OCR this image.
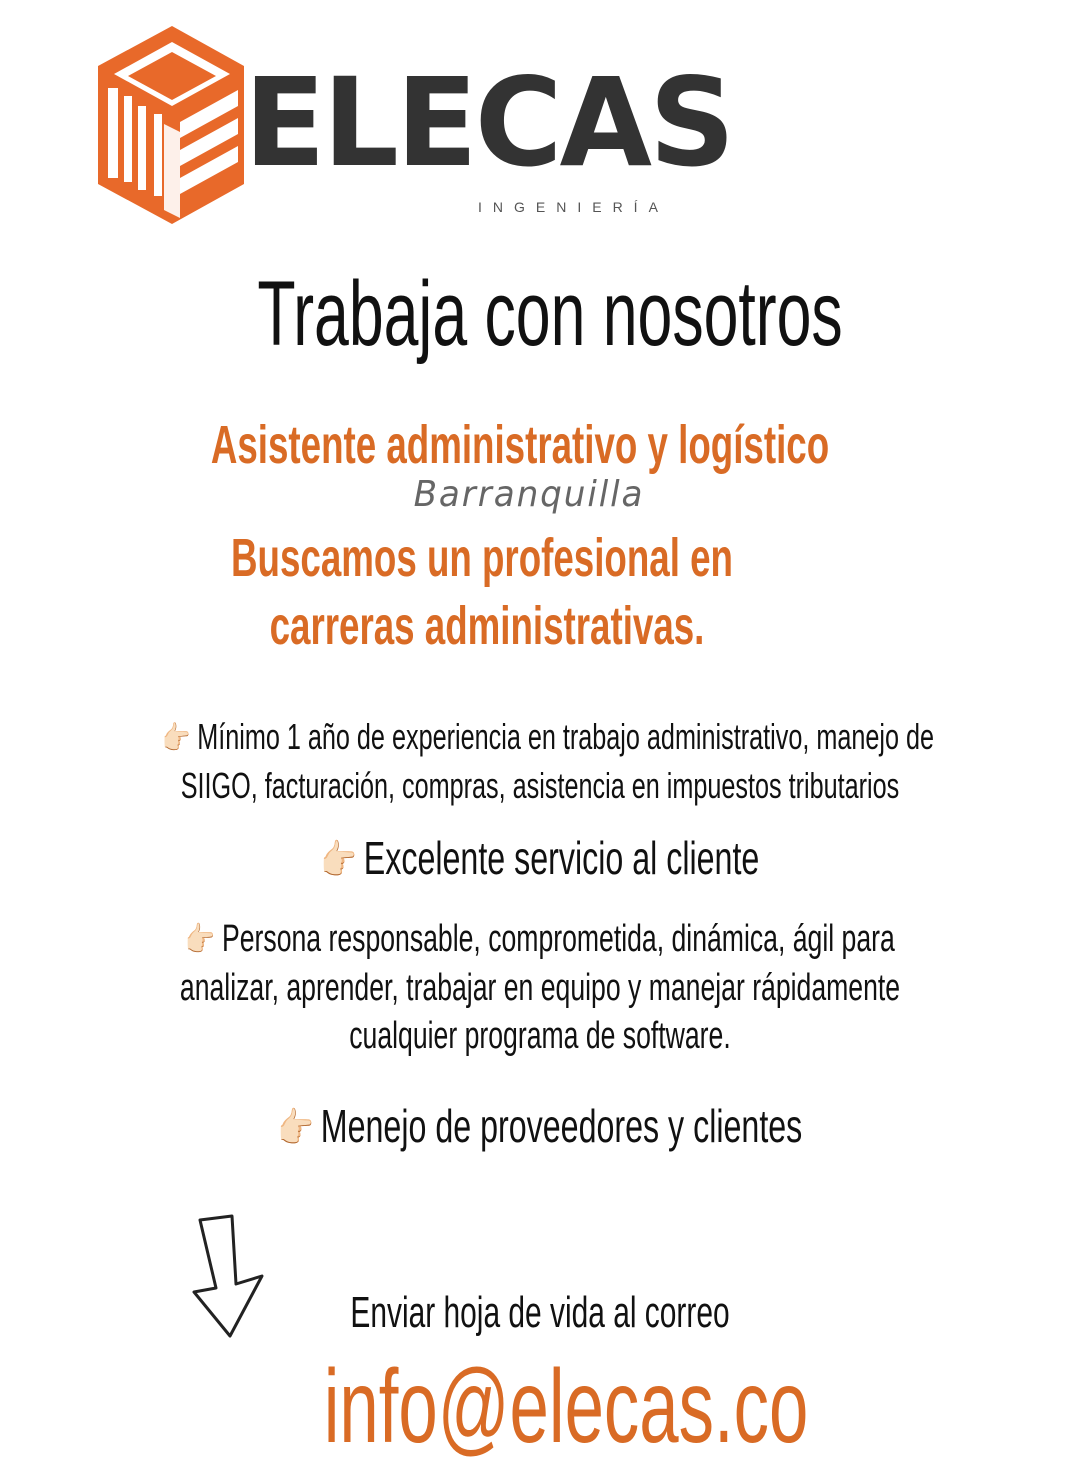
ELECAS
INGENIERÍA
Trabaja con nosotros
Asistente administrativo y logístico
Barranquilla
Buscamos un profesional en
carreras administrativas.
👉🏻 Mínimo 1 año de experiencia en trabajo administrativo, manejo de
SIIGO, facturación, compras, asistencia en impuestos tributarios
👉🏻 Excelente servicio al cliente
👉🏻 Persona responsable, comprometida, dinámica, ágil para
analizar, aprender, trabajar en equipo y manejar rápidamente
cualquier programa de software.
👉🏻 Menejo de proveedores y clientes
Enviar hoja de vida al correo
info@elecas.co
